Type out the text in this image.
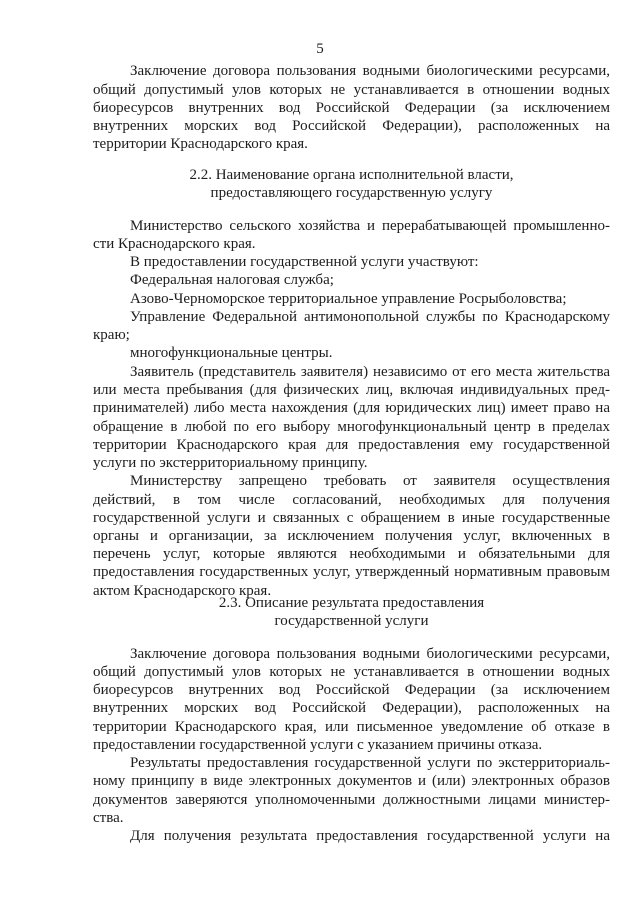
5
Заключение договора пользования водными биологическими ресурсами,
общий допустимый улов которых не устанавливается в отношении водных
биоресурсов внутренних вод Российской Федерации (за исключением
внутренних морских вод Российской Федерации), расположенных на
территории Краснодарского края.
2.2. Наименование органа исполнительной власти,
предоставляющего государственную услугу
Министерство сельского хозяйства и перерабатывающей промышленно-
сти Краснодарского края.
В предоставлении государственной услуги участвуют:
Федеральная налоговая служба;
Азово-Черноморское территориальное управление Росрыболовства;
Управление Федеральной антимонопольной службы по Краснодарскому
краю;
многофункциональные центры.
Заявитель (представитель заявителя) независимо от его места жительства
или места пребывания (для физических лиц, включая индивидуальных пред-
принимателей) либо места нахождения (для юридических лиц) имеет право на
обращение в любой по его выбору многофункциональный центр в пределах
территории Краснодарского края для предоставления ему государственной
услуги по экстерриториальному принципу.
Министерству запрещено требовать от заявителя осуществления
действий, в том числе согласований, необходимых для получения
государственной услуги и связанных с обращением в иные государственные
органы и организации, за исключением получения услуг, включенных в
перечень услуг, которые являются необходимыми и обязательными для
предоставления государственных услуг, утвержденный нормативным правовым
актом Краснодарского края.
2.3. Описание результата предоставления
государственной услуги
Заключение договора пользования водными биологическими ресурсами,
общий допустимый улов которых не устанавливается в отношении водных
биоресурсов внутренних вод Российской Федерации (за исключением
внутренних морских вод Российской Федерации), расположенных на
территории Краснодарского края, или письменное уведомление об отказе в
предоставлении государственной услуги с указанием причины отказа.
Результаты предоставления государственной услуги по экстерриториаль-
ному принципу в виде электронных документов и (или) электронных образов
документов заверяются уполномоченными должностными лицами министер-
ства.
Для получения результата предоставления государственной услуги на
